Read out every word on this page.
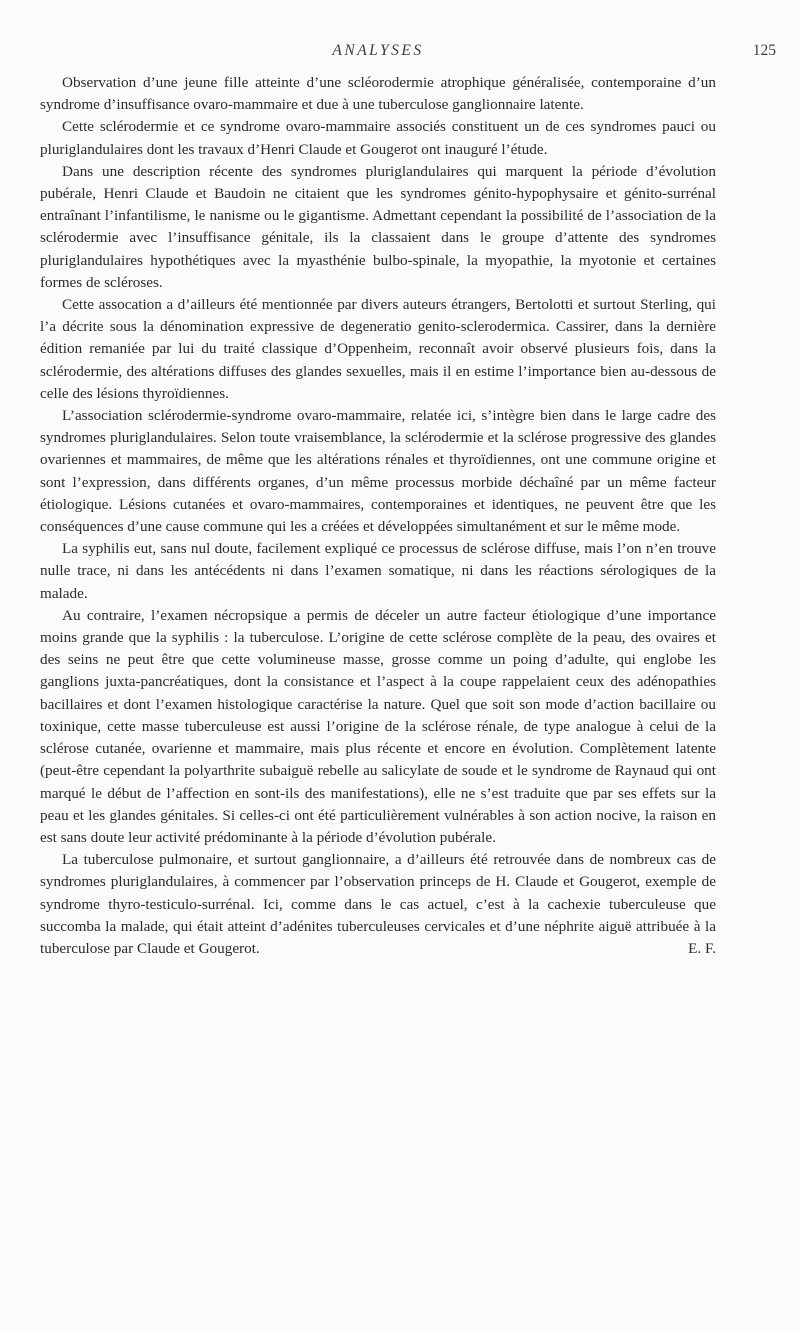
ANALYSES	125

Observation d’une jeune fille atteinte d’une scléorodermie atrophique généralisée, contemporaine d’un syndrome d’insuffisance ovaro-mammaire et due à une tuberculose ganglionnaire latente.

Cette sclérodermie et ce syndrome ovaro-mammaire associés constituent un de ces syndromes pauci ou pluriglandulaires dont les travaux d’Henri Claude et Gougerot ont inauguré l’étude.

Dans une description récente des syndromes pluriglandulaires qui marquent la période d’évolution pubérale, Henri Claude et Baudoin ne citaient que les syndromes génito-hypophysaire et génito-surrénal entraînant l’infantilisme, le nanisme ou le gigantisme. Admettant cependant la possibilité de l’association de la sclérodermie avec l’insuffisance génitale, ils la classaient dans le groupe d’attente des syndromes pluriglandulaires hypothétiques avec la myasthénie bulbo-spinale, la myopathie, la myotonie et certaines formes de scléroses.

Cette assocation a d’ailleurs été mentionnée par divers auteurs étrangers, Bertolotti et surtout Sterling, qui l’a décrite sous la dénomination expressive de degeneratio genito-sclerodermica. Cassirer, dans la dernière édition remaniée par lui du traité classique d’Oppenheim, reconnaît avoir observé plusieurs fois, dans la sclérodermie, des altérations diffuses des glandes sexuelles, mais il en estime l’importance bien au-dessous de celle des lésions thyroïdiennes.

L’association sclérodermie-syndrome ovaro-mammaire, relatée ici, s’intègre bien dans le large cadre des syndromes pluriglandulaires. Selon toute vraisemblance, la sclérodermie et la sclérose progressive des glandes ovariennes et mammaires, de même que les altérations rénales et thyroïdiennes, ont une commune origine et sont l’expression, dans différents organes, d’un même processus morbide déchaîné par un même facteur étiologique. Lésions cutanées et ovaro-mammaires, contemporaines et identiques, ne peuvent être que les conséquences d’une cause commune qui les a créées et développées simultanément et sur le même mode.

La syphilis eut, sans nul doute, facilement expliqué ce processus de sclérose diffuse, mais l’on n’en trouve nulle trace, ni dans les antécédents ni dans l’examen somatique, ni dans les réactions sérologiques de la malade.

Au contraire, l’examen nécropsique a permis de déceler un autre facteur étiologique d’une importance moins grande que la syphilis : la tuberculose. L’origine de cette sclérose complète de la peau, des ovaires et des seins ne peut être que cette volumineuse masse, grosse comme un poing d’adulte, qui englobe les ganglions juxta-pancréatiques, dont la consistance et l’aspect à la coupe rappelaient ceux des adénopathies bacillaires et dont l’examen histologique caractérise la nature. Quel que soit son mode d’action bacillaire ou toxinique, cette masse tuberculeuse est aussi l’origine de la sclérose rénale, de type analogue à celui de la sclérose cutanée, ovarienne et mammaire, mais plus récente et encore en évolution. Complètement latente (peut-être cependant la polyarthrite subaiguë rebelle au salicylate de soude et le syndrome de Raynaud qui ont marqué le début de l’affection en sont-ils des manifestations), elle ne s’est traduite que par ses effets sur la peau et les glandes génitales. Si celles-ci ont été particulièrement vulnérables à son action nocive, la raison en est sans doute leur activité prédominante à la période d’évolution pubérale.

La tuberculose pulmonaire, et surtout ganglionnaire, a d’ailleurs été retrouvée dans de nombreux cas de syndromes pluriglandulaires, à commencer par l’observation princeps de H. Claude et Gougerot, exemple de syndrome thyro-testiculo-surrénal. Ici, comme dans le cas actuel, c’est à la cachexie tuberculeuse que succomba la malade, qui était atteint d’adénites tuberculeuses cervicales et d’une néphrite aiguë attribuée à la tuberculose par Claude et Gougerot.	E. F.
